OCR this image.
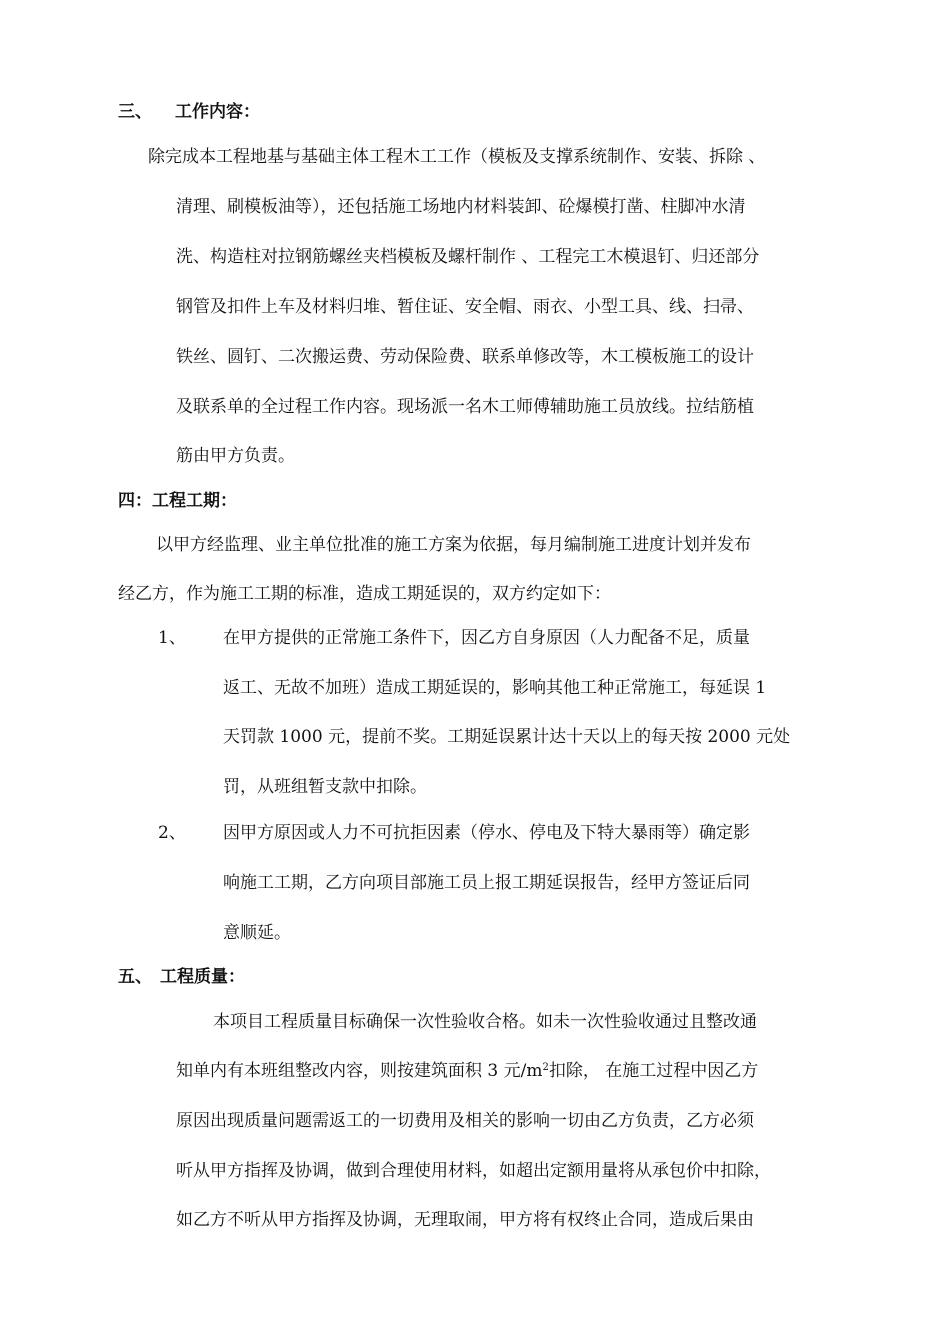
三、 工作内容：
除完成本工程地基与基础主体工程木工工作（模板及支撑系统制作、安装、拆除 、
清理、刷模板油等），还包括施工场地内材料装卸、砼爆模打凿、柱脚冲水清
洗、构造柱对拉钢筋螺丝夹档模板及螺杆制作 、工程完工木模退钉、归还部分
钢管及扣件上车及材料归堆、暂住证、安全帽、雨衣、小型工具、线、扫帚、
铁丝、圆钉、二次搬运费、劳动保险费、联系单修改等，木工模板施工的设计
及联系单的全过程工作内容。现场派一名木工师傅辅助施工员放线。拉结筋植
筋由甲方负责。
四：工程工期：
以甲方经监理、业主单位批准的施工方案为依据，每月编制施工进度计划并发布
经乙方，作为施工工期的标准，造成工期延误的，双方约定如下：
1、 在甲方提供的正常施工条件下，因乙方自身原因（人力配备不足，质量
返工、无故不加班）造成工期延误的，影响其他工种正常施工，每延误 1
天罚款 1000 元，提前不奖。工期延误累计达十天以上的每天按 2000 元处
罚，从班组暂支款中扣除。
2、 因甲方原因或人力不可抗拒因素（停水、停电及下特大暴雨等）确定影
响施工工期，乙方向项目部施工员上报工期延误报告，经甲方签证后同
意顺延。
五、 工程质量：
本项目工程质量目标确保一次性验收合格。如未一次性验收通过且整改通
知单内有本班组整改内容，则按建筑面积 3 元$/m^2$扣除， 在施工过程中因乙方
原因出现质量问题需返工的一切费用及相关的影响一切由乙方负责，乙方必须
听从甲方指挥及协调，做到合理使用材料，如超出定额用量将从承包价中扣除，
如乙方不听从甲方指挥及协调，无理取闹，甲方将有权终止合同，造成后果由
